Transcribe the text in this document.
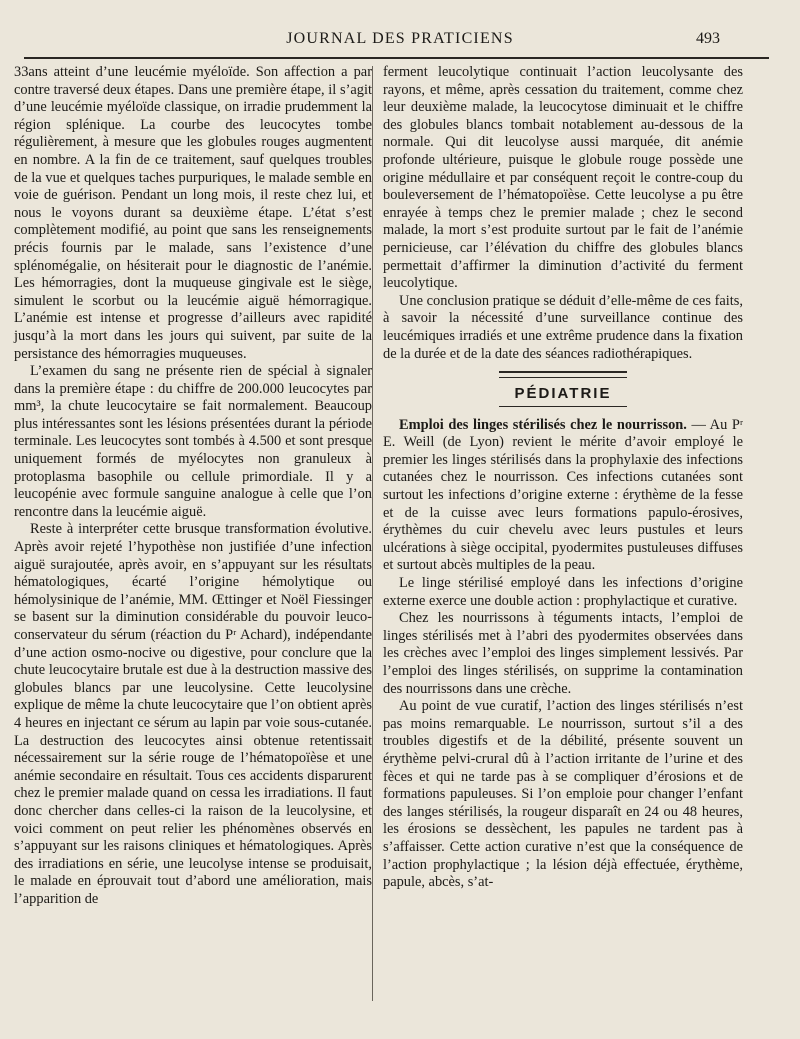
JOURNAL DES PRATICIENS	493

33ans atteint d’une leucémie myéloïde. Son affection a par contre traversé deux étapes. Dans une première étape, il s’agit d’une leucémie myéloïde classique, on irradie prudemment la région splénique. La courbe des leucocytes tombe régulièrement, à mesure que les globules rouges augmentent en nombre. A la fin de ce traitement, sauf quelques troubles de la vue et quelques taches purpuriques, le malade semble en voie de guérison. Pendant un long mois, il reste chez lui, et nous le voyons durant sa deuxième étape. L’état s’est complètement modifié, au point que sans les renseignements précis fournis par le malade, sans l’existence d’une splénomégalie, on hésiterait pour le diagnostic de l’anémie. Les hémorragies, dont la muqueuse gingivale est le siège, simulent le scorbut ou la leucémie aiguë hémorragique. L’anémie est intense et progresse d’ailleurs avec rapidité jusqu’à la mort dans les jours qui suivent, par suite de la persistance des hémorragies muqueuses.

L’examen du sang ne présente rien de spécial à signaler dans la première étape : du chiffre de 200.000 leucocytes par mm³, la chute leucocytaire se fait normalement. Beaucoup plus intéressantes sont les lésions présentées durant la période terminale. Les leucocytes sont tombés à 4.500 et sont presque uniquement formés de myélocytes non granuleux à protoplasma basophile ou cellule primordiale. Il y a leucopénie avec formule sanguine analogue à celle que l’on rencontre dans la leucémie aiguë.

Reste à interpréter cette brusque transformation évolutive. Après avoir rejeté l’hypothèse non justifiée d’une infection aiguë surajoutée, après avoir, en s’appuyant sur les résultats hématologiques, écarté l’origine hémolytique ou hémolysinique de l’anémie, MM. Œttinger et Noël Fiessinger se basent sur la diminution considérable du pouvoir leuco-conservateur du sérum (réaction du Pʳ Achard), indépendante d’une action osmo-nocive ou digestive, pour conclure que la chute leucocytaire brutale est due à la destruction massive des globules blancs par une leucolysine. Cette leucolysine explique de même la chute leucocytaire que l’on obtient après 4 heures en injectant ce sérum au lapin par voie sous-cutanée. La destruction des leucocytes ainsi obtenue retentissait nécessairement sur la série rouge de l’hématopoïèse et une anémie secondaire en résultait. Tous ces accidents disparurent chez le premier malade quand on cessa les irradiations. Il faut donc chercher dans celles-ci la raison de la leucolysine, et voici comment on peut relier les phénomènes observés en s’appuyant sur les raisons cliniques et hématologiques. Après des irradiations en série, une leucolyse intense se produisait, le malade en éprouvait tout d’abord une amélioration, mais l’apparition de

ferment leucolytique continuait l’action leucolysante des rayons, et même, après cessation du traitement, comme chez leur deuxième malade, la leucocytose diminuait et le chiffre des globules blancs tombait notablement au-dessous de la normale. Qui dit leucolyse aussi marquée, dit anémie profonde ultérieure, puisque le globule rouge possède une origine médullaire et par conséquent reçoit le contre-coup du bouleversement de l’hématopoïèse. Cette leucolyse a pu être enrayée à temps chez le premier malade ; chez le second malade, la mort s’est produite surtout par le fait de l’anémie pernicieuse, car l’élévation du chiffre des globules blancs permettait d’affirmer la diminution d’activité du ferment leucolytique.

Une conclusion pratique se déduit d’elle-même de ces faits, à savoir la nécessité d’une surveillance continue des leucémiques irradiés et une extrême prudence dans la fixation de la durée et de la date des séances radiothérapiques.

PÉDIATRIE

Emploi des linges stérilisés chez le nourrisson. — Au Pʳ E. Weill (de Lyon) revient le mérite d’avoir employé le premier les linges stérilisés dans la prophylaxie des infections cutanées chez le nourrisson. Ces infections cutanées sont surtout les infections d’origine externe : érythème de la fesse et de la cuisse avec leurs formations papulo-érosives, érythèmes du cuir chevelu avec leurs pustules et leurs ulcérations à siège occipital, pyodermites pustuleuses diffuses et surtout abcès multiples de la peau.

Le linge stérilisé employé dans les infections d’origine externe exerce une double action : prophylactique et curative.

Chez les nourrissons à téguments intacts, l’emploi de linges stérilisés met à l’abri des pyodermites observées dans les crèches avec l’emploi des linges simplement lessivés. Par l’emploi des linges stérilisés, on supprime la contamination des nourrissons dans une crèche.

Au point de vue curatif, l’action des linges stérilisés n’est pas moins remarquable. Le nourrisson, surtout s’il a des troubles digestifs et de la débilité, présente souvent un érythème pelvi-crural dû à l’action irritante de l’urine et des fèces et qui ne tarde pas à se compliquer d’érosions et de formations papuleuses. Si l’on emploie pour changer l’enfant des langes stérilisés, la rougeur disparaît en 24 ou 48 heures, les érosions se dessèchent, les papules ne tardent pas à s’affaisser. Cette action curative n’est que la conséquence de l’action prophylactique ; la lésion déjà effectuée, érythème, papule, abcès, s’at-
